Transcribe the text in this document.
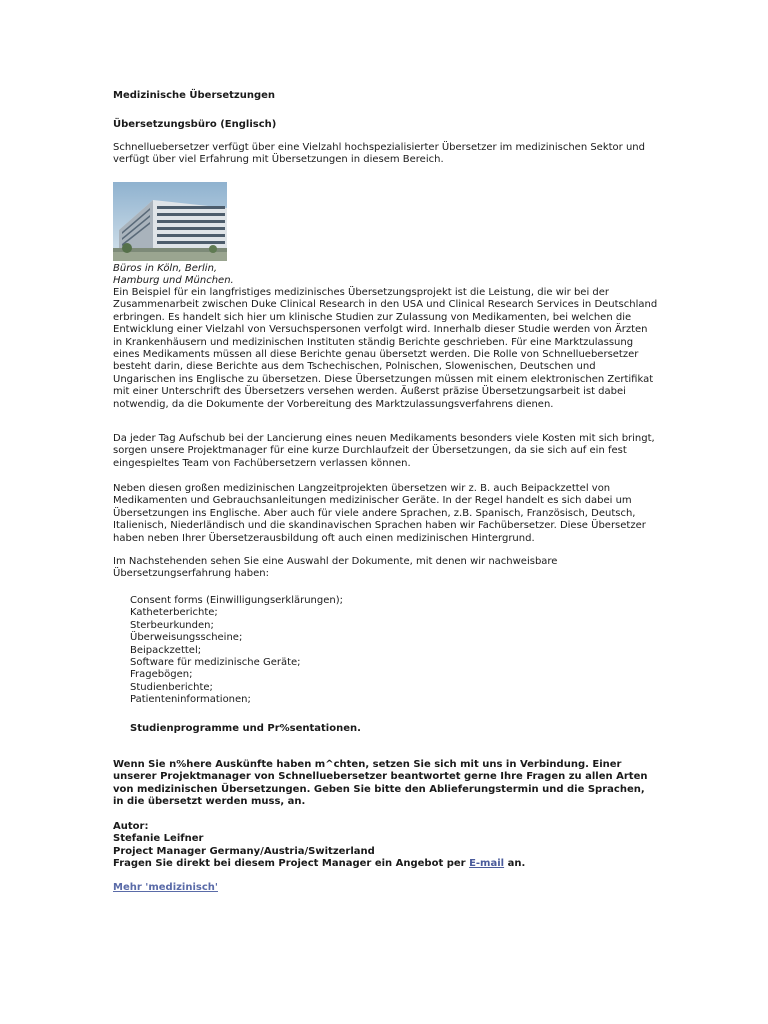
Medizinische Übersetzungen

Übersetzungsbüro (Englisch)

Schnelluebersetzer verfügt über eine Vielzahl hochspezialisierter Übersetzer im medizinischen Sektor und verfügt über viel Erfahrung mit Übersetzungen in diesem Bereich.

Büros in Köln, Berlin,
Hamburg und München.

Ein Beispiel für ein langfristiges medizinisches Übersetzungsprojekt ist die Leistung, die wir bei der Zusammenarbeit zwischen Duke Clinical Research in den USA und Clinical Research Services in Deutschland erbringen. Es handelt sich hier um klinische Studien zur Zulassung von Medikamenten, bei welchen die Entwicklung einer Vielzahl von Versuchspersonen verfolgt wird. Innerhalb dieser Studie werden von Ärzten in Krankenhäusern und medizinischen Instituten ständig Berichte geschrieben. Für eine Marktzulassung eines Medikaments müssen all diese Berichte genau übersetzt werden. Die Rolle von Schnelluebersetzer besteht darin, diese Berichte aus dem Tschechischen, Polnischen, Slowenischen, Deutschen und Ungarischen ins Englische zu übersetzen. Diese Übersetzungen müssen mit einem elektronischen Zertifikat mit einer Unterschrift des Übersetzers versehen werden. Äußerst präzise Übersetzungsarbeit ist dabei notwendig, da die Dokumente der Vorbereitung des Marktzulassungsverfahrens dienen.

Da jeder Tag Aufschub bei der Lancierung eines neuen Medikaments besonders viele Kosten mit sich bringt, sorgen unsere Projektmanager für eine kurze Durchlaufzeit der Übersetzungen, da sie sich auf ein fest eingespieltes Team von Fachübersetzern verlassen können.

Neben diesen großen medizinischen Langzeitprojekten übersetzen wir z. B. auch Beipackzettel von Medikamenten und Gebrauchsanleitungen medizinischer Geräte. In der Regel handelt es sich dabei um Übersetzungen ins Englische. Aber auch für viele andere Sprachen, z.B. Spanisch, Französisch, Deutsch, Italienisch, Niederländisch und die skandinavischen Sprachen haben wir Fachübersetzer. Diese Übersetzer haben neben Ihrer Übersetzerausbildung oft auch einen medizinischen Hintergrund.

Im Nachstehenden sehen Sie eine Auswahl der Dokumente, mit denen wir nachweisbare Übersetzungserfahrung haben:

Consent forms (Einwilligungserklärungen);
Katheterberichte;
Sterbeurkunden;
Überweisungsscheine;
Beipackzettel;
Software für medizinische Geräte;
Fragebögen;
Studienberichte;
Patienteninformationen;
Studienprogramme und Pr%sentationen.

Wenn Sie n%here Auskünfte haben m^chten, setzen Sie sich mit uns in Verbindung. Einer unserer Projektmanager von Schnelluebersetzer beantwortet gerne Ihre Fragen zu allen Arten von medizinischen Übersetzungen. Geben Sie bitte den Ablieferungstermin und die Sprachen, in die übersetzt werden muss, an.

Autor:
Stefanie Leifner
Project Manager Germany/Austria/Switzerland
Fragen Sie direkt bei diesem Project Manager ein Angebot per E-mail an.
Mehr 'medizinisch'
